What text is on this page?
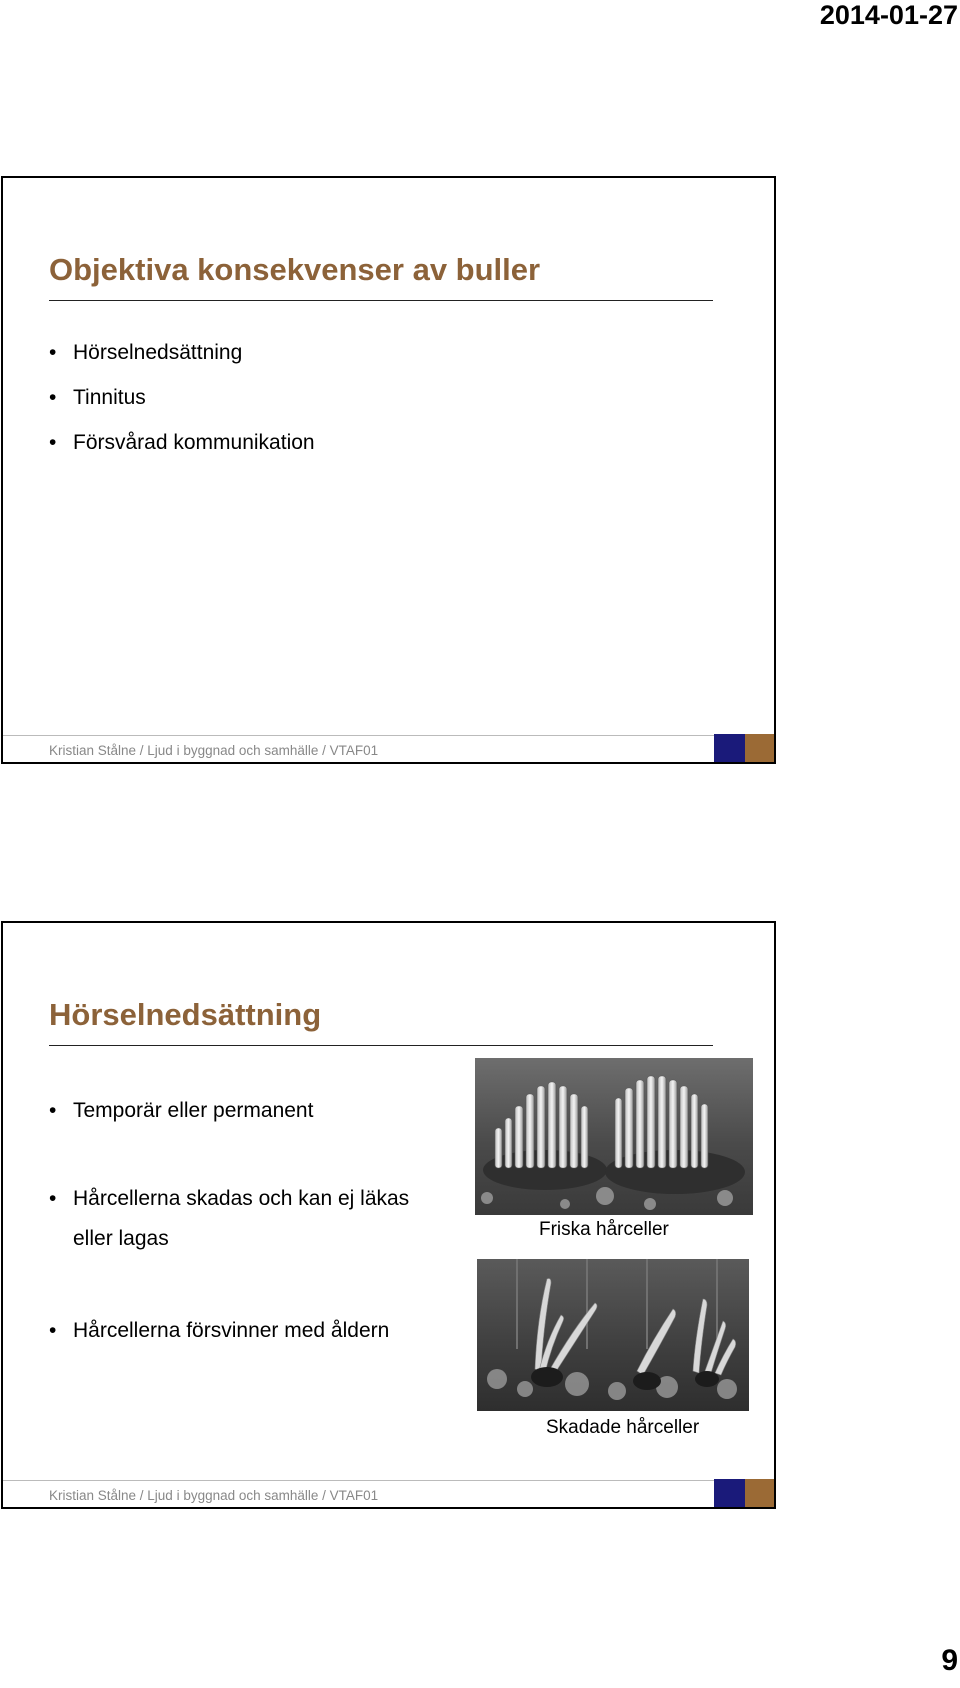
2014-01-27
Objektiva konsekvenser av buller
• Hörselnedsättning
• Tinnitus
• Försvårad kommunikation
Kristian Stålne / Ljud i byggnad och samhälle / VTAF01
Hörselnedsättning
• Temporär eller permanent
• Hårcellerna skadas och kan ej läkas eller lagas
• Hårcellerna försvinner med åldern
Friska hårceller
Skadade hårceller
Kristian Stålne / Ljud i byggnad och samhälle / VTAF01
9
